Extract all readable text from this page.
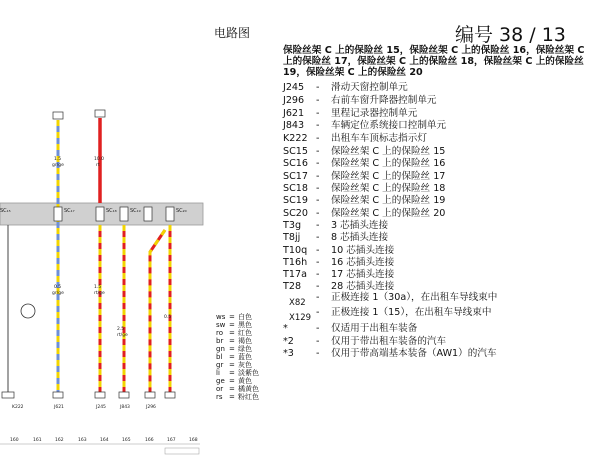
SC₁₅	SC₁₇	SC₁₈	SC₁₉	SC₂₀
1.5
gr/ge
10.0
rt
0.5
gr/ge
1.5
rt/ge
2.5
rt/ge
0.5
K222	J621	J245	J843	J296
160	161	162	163	164	165	166	167	168
电路图	编号 38 / 13
保险丝架 C 上的保险丝 15，保险丝架 C 上的保险丝 16，保险丝架 C 上的保险丝 17，保险丝架 C 上的保险丝 18，保险丝架 C 上的保险丝 19，保险丝架 C 上的保险丝 20
J245 - 滑动天窗控制单元
J296 - 右前车窗升降器控制单元
J621 - 里程记录器控制单元
J843 - 车辆定位系统接口控制单元
K222 - 出租车车顶标志指示灯
SC15 - 保险丝架 C 上的保险丝 15
SC16 - 保险丝架 C 上的保险丝 16
SC17 - 保险丝架 C 上的保险丝 17
SC18 - 保险丝架 C 上的保险丝 18
SC19 - 保险丝架 C 上的保险丝 19
SC20 - 保险丝架 C 上的保险丝 20
T3g - 3 芯插头连接
T8jj - 8 芯插头连接
T10q - 10 芯插头连接
T16h - 16 芯插头连接
T17a - 17 芯插头连接
T28 - 28 芯插头连接
X82 - 正极连接 1（30a），在出租车导线束中
X129 - 正极连接 1（15），在出租车导线束中
*	- 仅适用于出租车装备
*2 - 仅用于带出租车装备的汽车
*3 - 仅用于带高端基本装备（AW1）的汽车
ws = 白色
sw = 黑色
ro = 红色
br = 褐色
gn = 绿色
bl = 蓝色
gr = 灰色
li = 淡紫色
ge = 黄色
or = 橘黄色
rs = 粉红色
